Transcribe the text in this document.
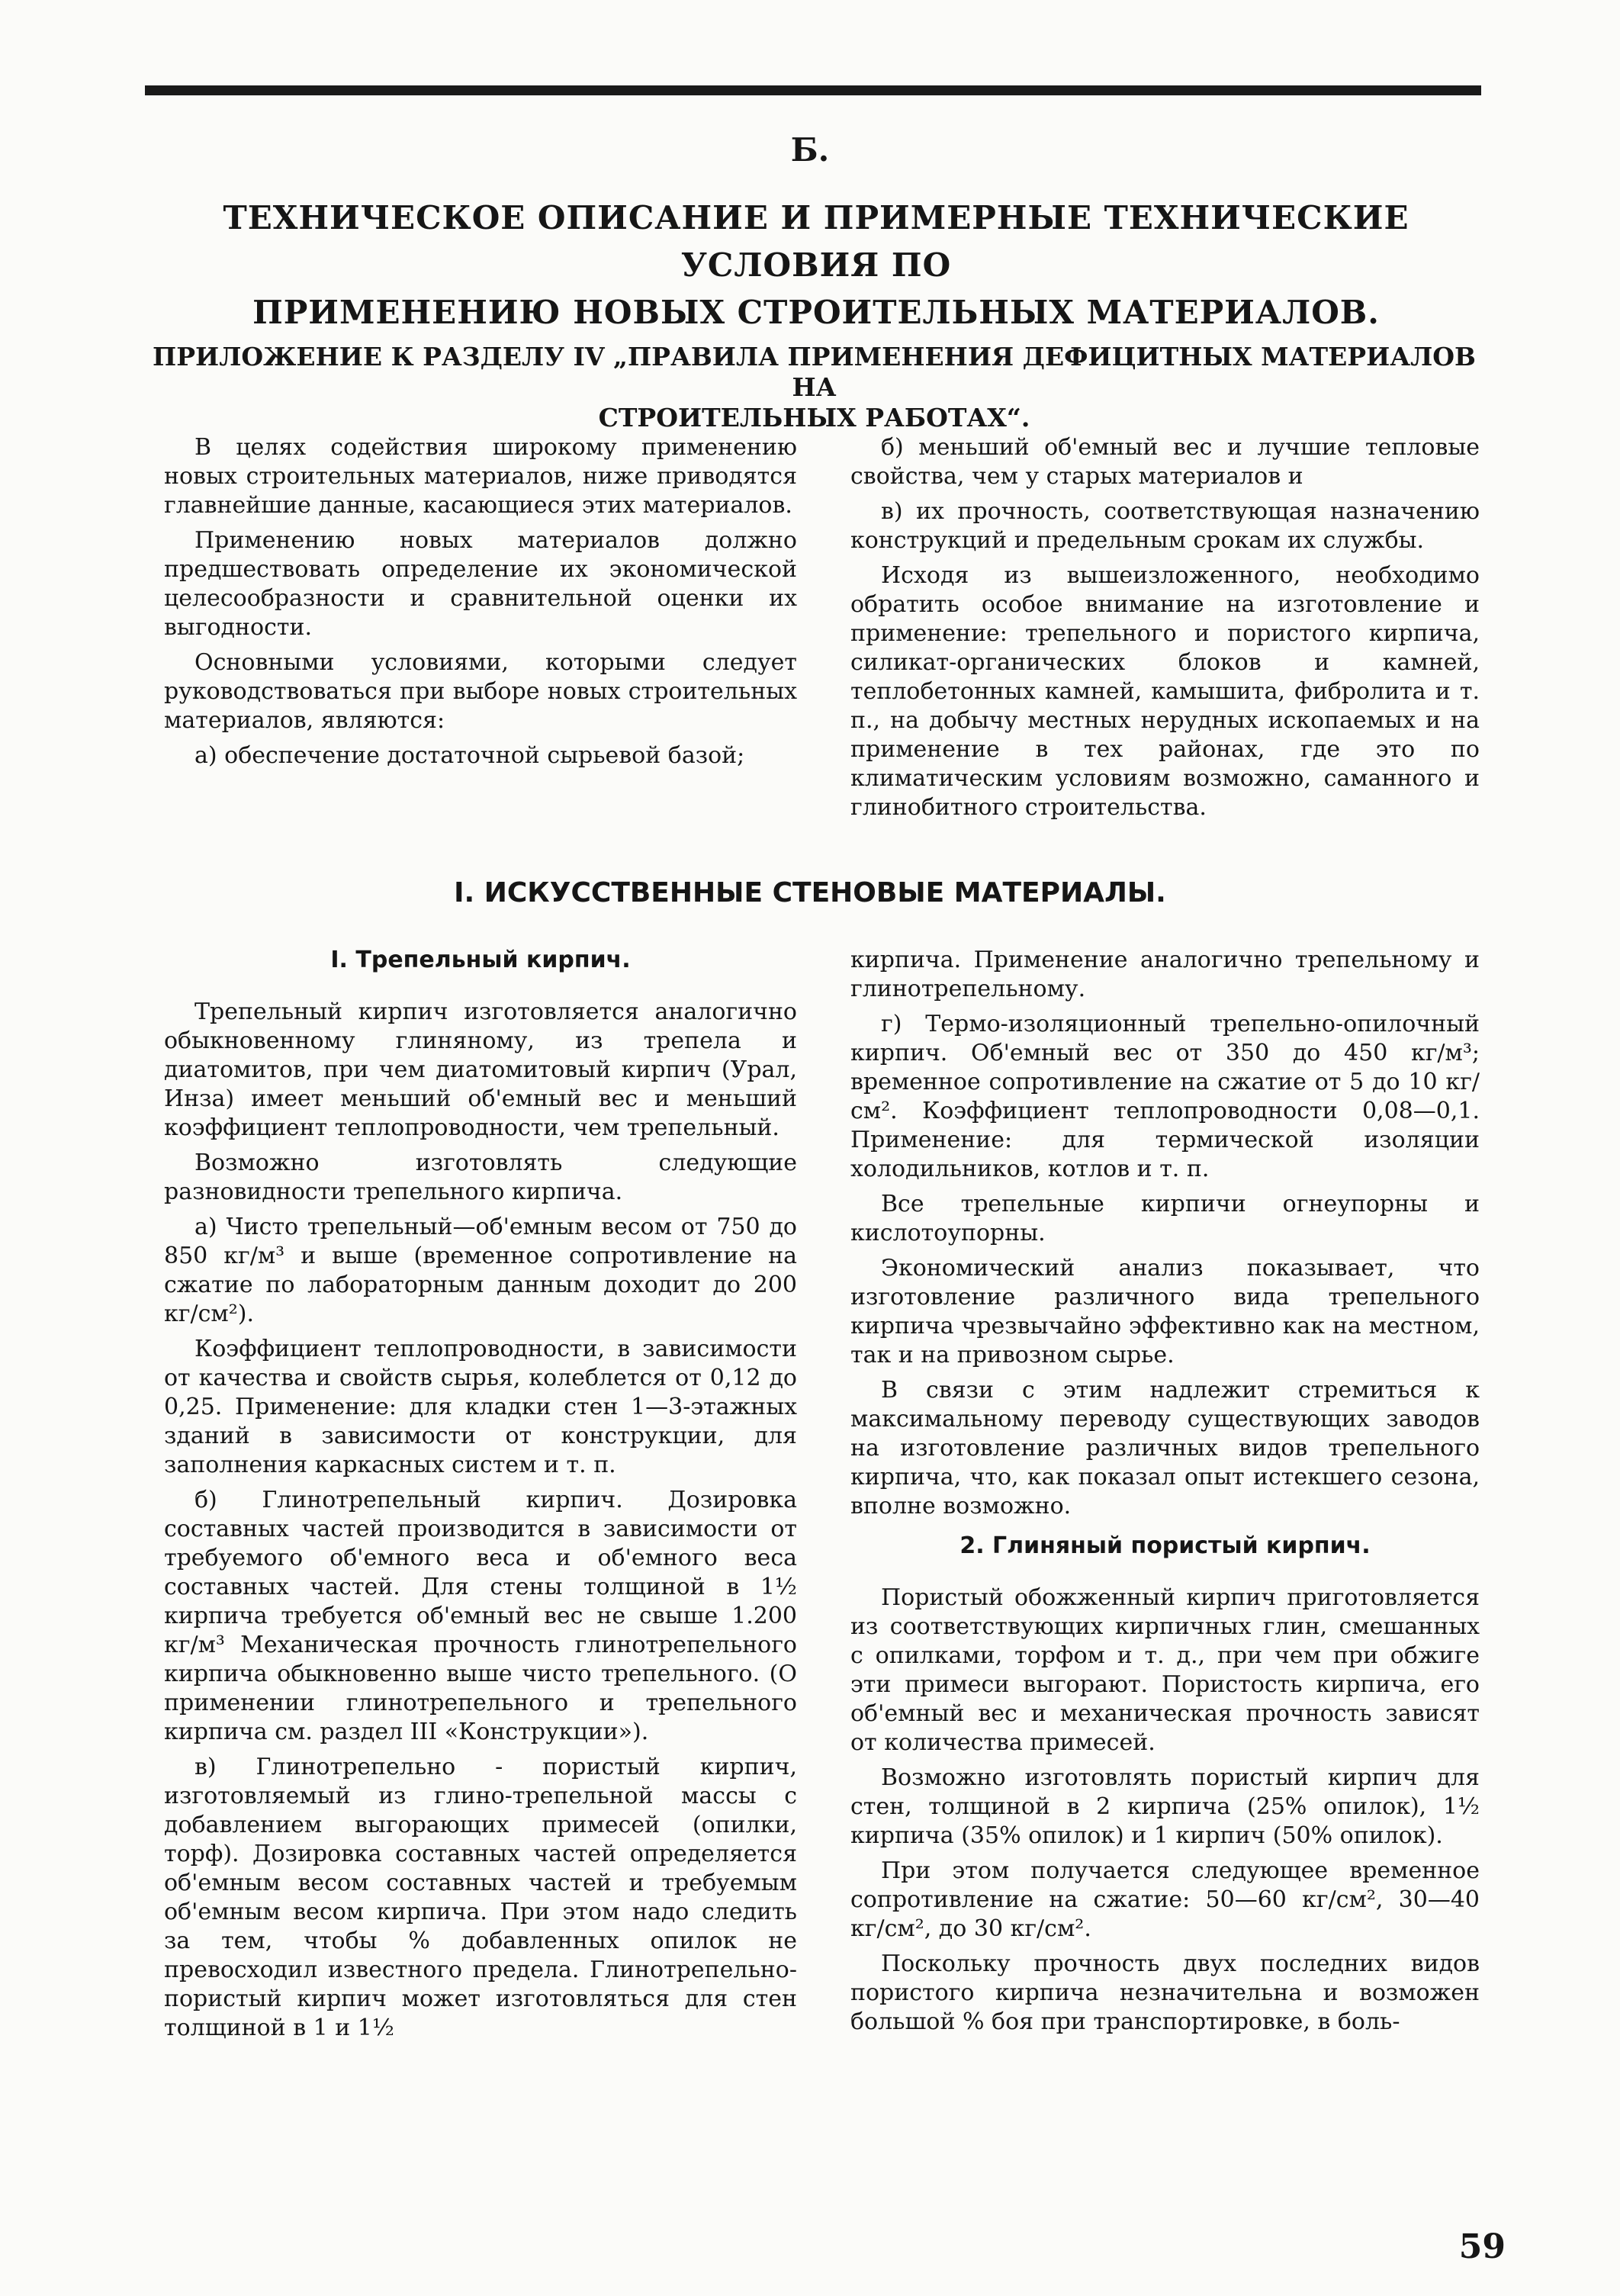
Б.
ТЕХНИЧЕСКОЕ ОПИСАНИЕ И ПРИМЕРНЫЕ ТЕХНИЧЕСКИЕ УСЛОВИЯ ПО
ПРИМЕНЕНИЮ НОВЫХ СТРОИТЕЛЬНЫХ МАТЕРИАЛОВ.
ПРИЛОЖЕНИЕ К РАЗДЕЛУ IV „ПРАВИЛА ПРИМЕНЕНИЯ ДЕФИЦИТНЫХ МАТЕРИАЛОВ НА
СТРОИТЕЛЬНЫХ РАБОТАХ“.

В целях содействия широкому применению новых строительных материалов, ниже приводятся главнейшие данные, касающиеся этих материалов.

Применению новых материалов должно предшествовать определение их экономической целесообразности и сравнительной оценки их выгодности.

Основными условиями, которыми следует руководствоваться при выборе новых строительных материалов, являются:

а) обеспечение достаточной сырьевой базой;

б) меньший об'емный вес и лучшие тепловые свойства, чем у старых материалов и

в) их прочность, соответствующая назначению конструкций и предельным срокам их службы.

Исходя из вышеизложенного, необходимо обратить особое внимание на изготовление и применение: трепельного и пористого кирпича, силикат-органических блоков и камней, теплобетонных камней, камышита, фибролита и т. п., на добычу местных нерудных ископаемых и на применение в тех районах, где это по климатическим условиям возможно, саманного и глинобитного строительства.

I. ИСКУССТВЕННЫЕ СТЕНОВЫЕ МАТЕРИАЛЫ.
I. Трепельный кирпич.

Трепельный кирпич изготовляется аналогично обыкновенному глиняному, из трепела и диатомитов, при чем диатомитовый кирпич (Урал, Инза) имеет меньший об'емный вес и меньший коэффициент теплопроводности, чем трепельный.

Возможно изготовлять следующие разновидности трепельного кирпича.

а) Чисто трепельный—об'емным весом от 750 до 850 кг/м³ и выше (временное сопротивление на сжатие по лабораторным данным доходит до 200 кг/см²).

Коэффициент теплопроводности, в зависимости от качества и свойств сырья, колеблется от 0,12 до 0,25. Применение: для кладки стен 1—3-этажных зданий в зависимости от конструкции, для заполнения каркасных систем и т. п.

б) Глинотрепельный кирпич. Дозировка составных частей производится в зависимости от требуемого об'емного веса и об'емного веса составных частей. Для стены толщиной в 1½ кирпича требуется об'емный вес не свыше 1.200 кг/м³ Механическая прочность глинотрепельного кирпича обыкновенно выше чисто трепельного. (О применении глинотрепельного и трепельного кирпича см. раздел III «Конструкции»).

в) Глинотрепельно - пористый кирпич, изготовляемый из глино-трепельной массы с добавлением выгорающих примесей (опилки, торф). Дозировка составных частей определяется об'емным весом составных частей и требуемым об'емным весом кирпича. При этом надо следить за тем, чтобы % добавленных опилок не превосходил известного предела. Глинотрепельно-пористый кирпич может изготовляться для стен толщиной в 1 и 1½

кирпича. Применение аналогично трепельному и глинотрепельному.

г) Термо-изоляционный трепельно-опилочный кирпич. Об'емный вес от 350 до 450 кг/м³; временное сопротивление на сжатие от 5 до 10 кг/см². Коэффициент теплопроводности 0,08—0,1. Применение: для термической изоляции холодильников, котлов и т. п.

Все трепельные кирпичи огнеупорны и кислотоупорны.

Экономический анализ показывает, что изготовление различного вида трепельного кирпича чрезвычайно эффективно как на местном, так и на привозном сырье.

В связи с этим надлежит стремиться к максимальному переводу существующих заводов на изготовление различных видов трепельного кирпича, что, как показал опыт истекшего сезона, вполне возможно.

2. Глиняный пористый кирпич.

Пористый обожженный кирпич приготовляется из соответствующих кирпичных глин, смешанных с опилками, торфом и т. д., при чем при обжиге эти примеси выгорают. Пористость кирпича, его об'емный вес и механическая прочность зависят от количества примесей.

Возможно изготовлять пористый кирпич для стен, толщиной в 2 кирпича (25% опилок), 1½ кирпича (35% опилок) и 1 кирпич (50% опилок).

При этом получается следующее временное сопротивление на сжатие: 50—60 кг/см², 30—40 кг/см², до 30 кг/см².

Поскольку прочность двух последних видов пористого кирпича незначительна и возможен большой % боя при транспортировке, в боль-

59
